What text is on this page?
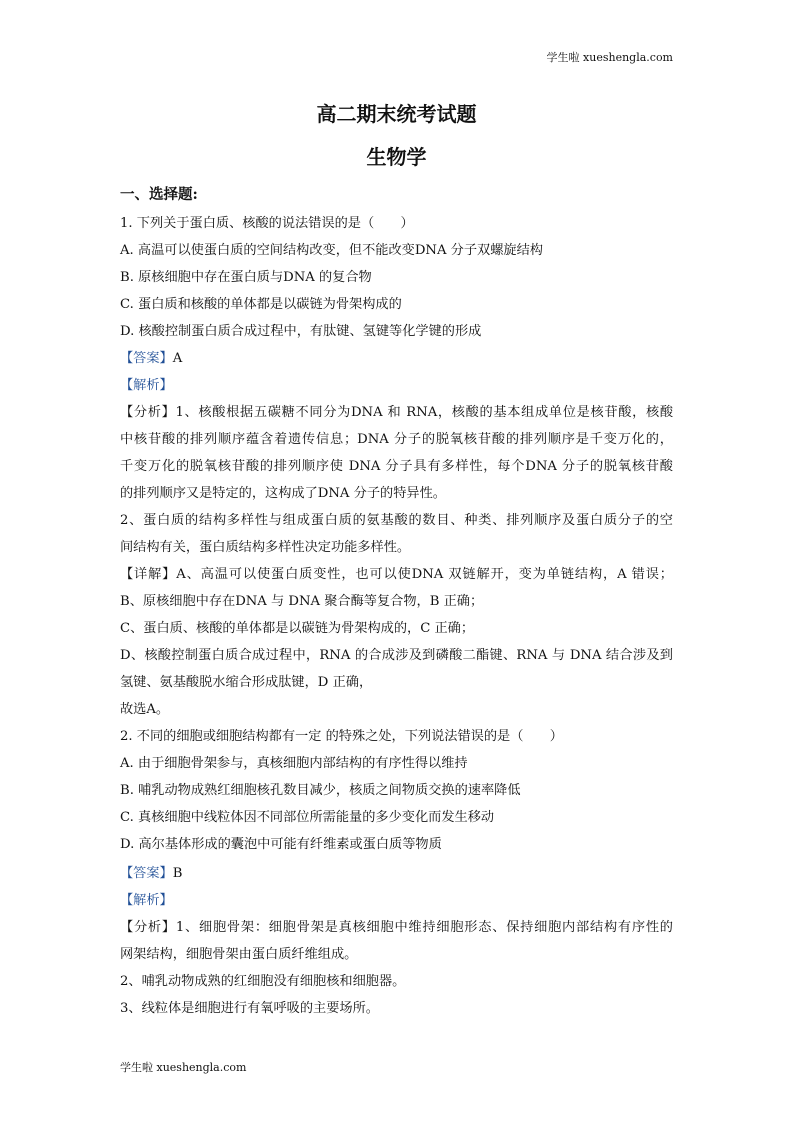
学生啦 xueshengla.com
高二期末统考试题
生物学
一、选择题:
1. 下列关于蛋白质、核酸的说法错误的是（　　）
A. 高温可以使蛋白质的空间结构改变，但不能改变DNA 分子双螺旋结构
B. 原核细胞中存在蛋白质与DNA 的复合物
C. 蛋白质和核酸的单体都是以碳链为骨架构成的
D. 核酸控制蛋白质合成过程中，有肽键、氢键等化学键的形成
【答案】A
【解析】
【分析】1、核酸根据五碳糖不同分为DNA 和 RNA，核酸的基本组成单位是核苷酸，核酸
中核苷酸的排列顺序蕴含着遗传信息；DNA 分子的脱氧核苷酸的排列顺序是千变万化的，
千变万化的脱氧核苷酸的排列顺序使 DNA 分子具有多样性，每个DNA 分子的脱氧核苷酸
的排列顺序又是特定的，这构成了DNA 分子的特异性。
2、蛋白质的结构多样性与组成蛋白质的氨基酸的数目、种类、排列顺序及蛋白质分子的空
间结构有关，蛋白质结构多样性决定功能多样性。
【详解】A、高温可以使蛋白质变性，也可以使DNA 双链解开，变为单链结构，A 错误；
B、原核细胞中存在DNA 与 DNA 聚合酶等复合物，B 正确；
C、蛋白质、核酸的单体都是以碳链为骨架构成的，C 正确；
D、核酸控制蛋白质合成过程中，RNA 的合成涉及到磷酸二酯键、RNA 与 DNA 结合涉及到
氢键、氨基酸脱水缩合形成肽键，D 正确，
故选A。
2. 不同的细胞或细胞结构都有一定 的特殊之处，下列说法错误的是（　　）
A. 由于细胞骨架参与，真核细胞内部结构的有序性得以维持
B. 哺乳动物成熟红细胞核孔数目减少，核质之间物质交换的速率降低
C. 真核细胞中线粒体因不同部位所需能量的多少变化而发生移动
D. 高尔基体形成的囊泡中可能有纤维素或蛋白质等物质
【答案】B
【解析】
【分析】1、细胞骨架：细胞骨架是真核细胞中维持细胞形态、保持细胞内部结构有序性的
网架结构，细胞骨架由蛋白质纤维组成。
2、哺乳动物成熟的红细胞没有细胞核和细胞器。
3、线粒体是细胞进行有氧呼吸的主要场所。
学生啦 xueshengla.com
